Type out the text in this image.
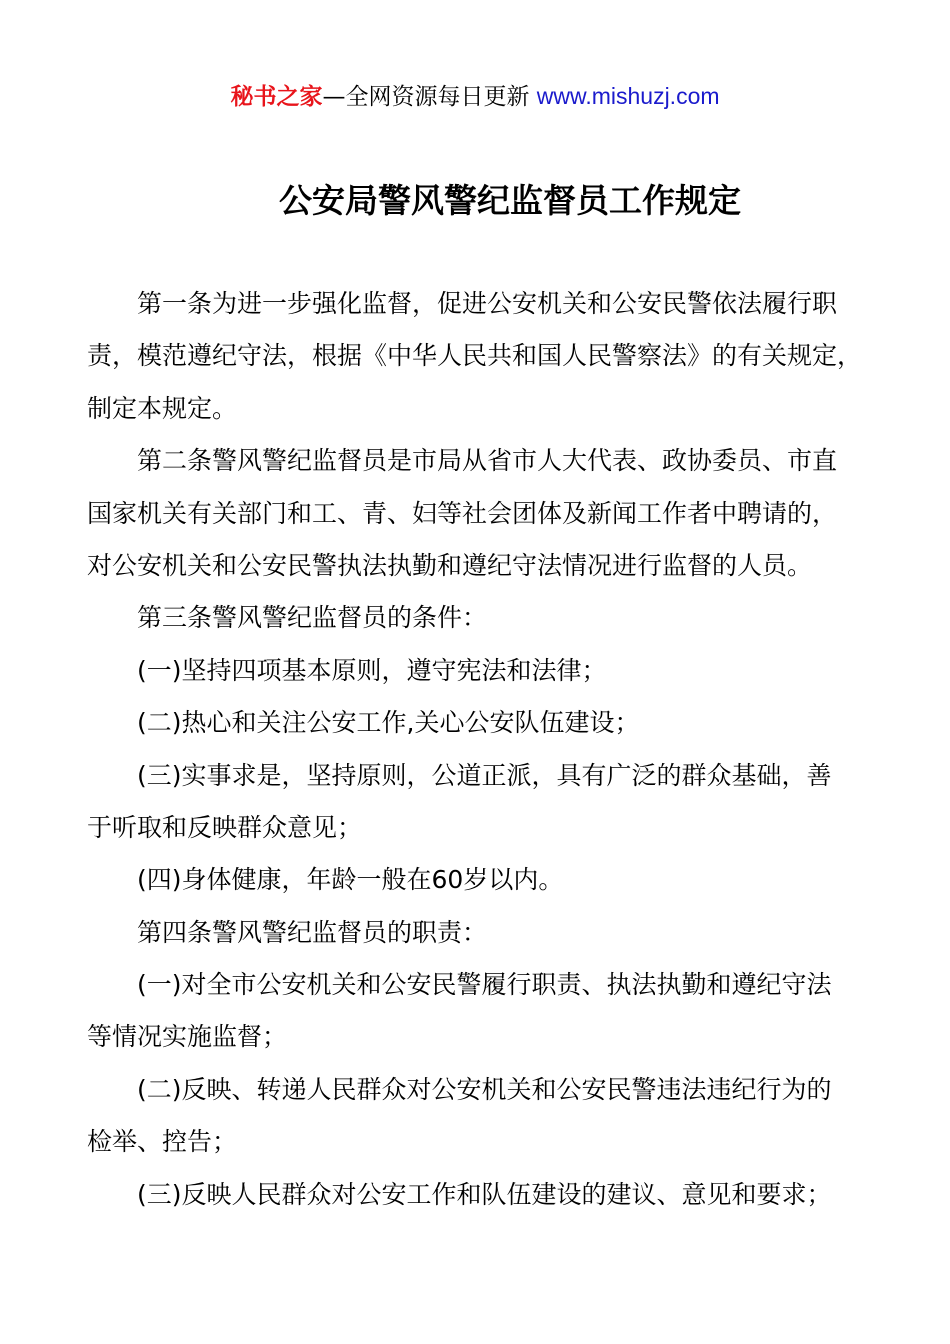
秘书之家—全网资源每日更新 www.mishuzj.com
公安局警风警纪监督员工作规定
第一条为进一步强化监督，促进公安机关和公安民警依法履行职
责，模范遵纪守法，根据《中华人民共和国人民警察法》的有关规定，
制定本规定。
第二条警风警纪监督员是市局从省市人大代表、政协委员、市直
国家机关有关部门和工、青、妇等社会团体及新闻工作者中聘请的，
对公安机关和公安民警执法执勤和遵纪守法情况进行监督的人员。
第三条警风警纪监督员的条件：
(一)坚持四项基本原则，遵守宪法和法律；
(二)热心和关注公安工作,关心公安队伍建设；
(三)实事求是，坚持原则，公道正派，具有广泛的群众基础，善
于听取和反映群众意见；
(四)身体健康，年龄一般在60岁以内。
第四条警风警纪监督员的职责：
(一)对全市公安机关和公安民警履行职责、执法执勤和遵纪守法
等情况实施监督；
(二)反映、转递人民群众对公安机关和公安民警违法违纪行为的
检举、控告；
(三)反映人民群众对公安工作和队伍建设的建议、意见和要求；
